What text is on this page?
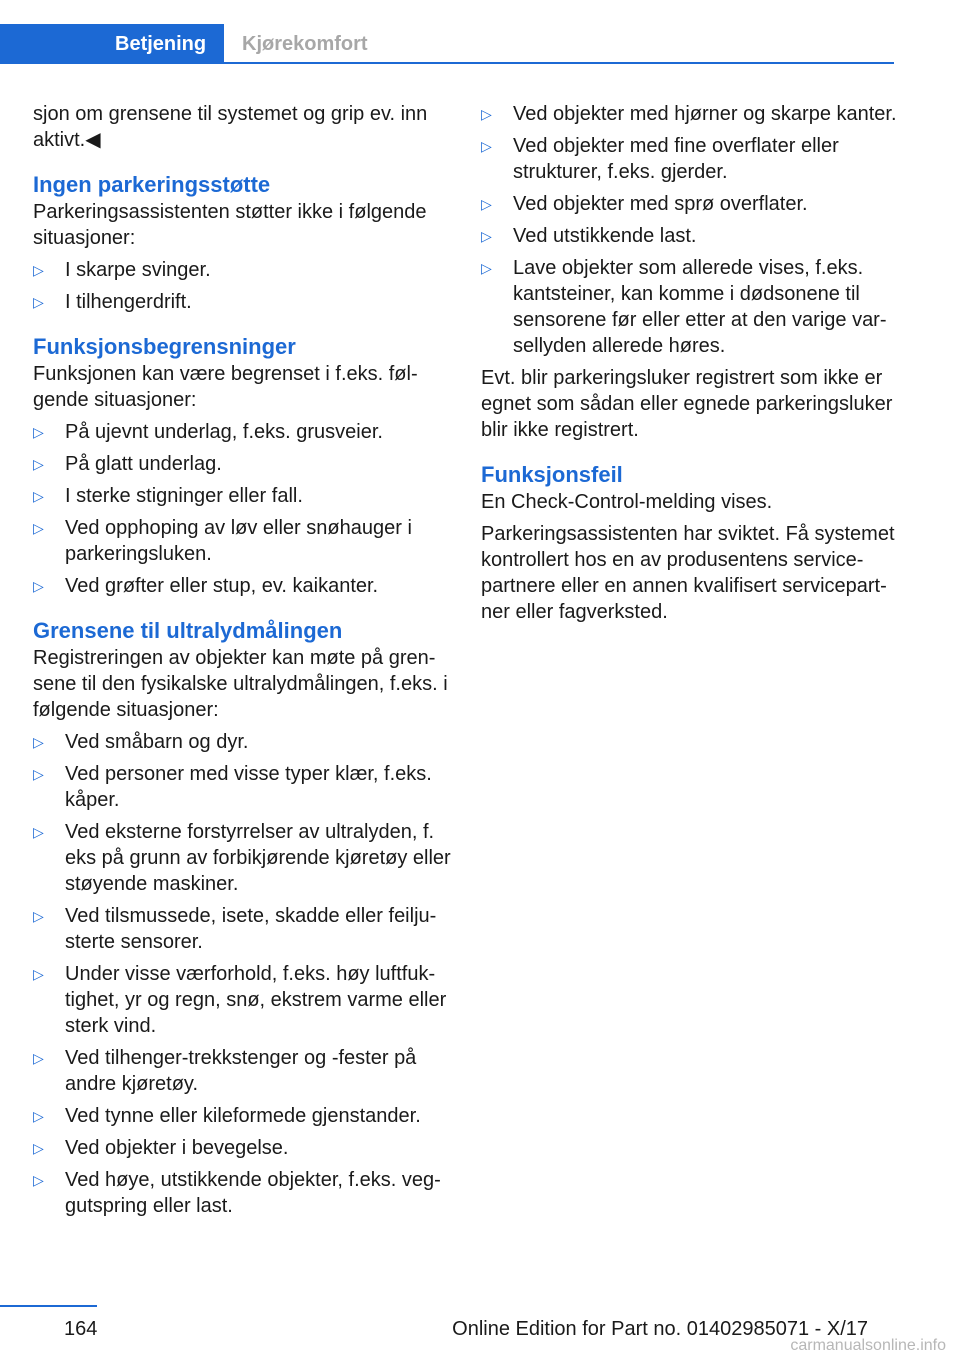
Betjening Kjørekomfort

sjon om grensene til systemet og grip ev. inn aktivt.◀

Ingen parkeringsstøtte

Parkeringsassistenten støtter ikke i følgende situasjoner:

▷ I skarpe svinger.
▷ I tilhengerdrift.
Funksjonsbegrensninger

Funksjonen kan være begrenset i f.eks. følgende situasjoner:

▷ På ujevnt underlag, f.eks. grusveier.
▷ På glatt underlag.
▷ I sterke stigninger eller fall.
▷ Ved opphoping av løv eller snøhauger i parkeringsluken.
▷ Ved grøfter eller stup, ev. kaikanter.
Grensene til ultralydmålingen

Registreringen av objekter kan møte på grensene til den fysikalske ultralydmålingen, f.eks. i følgende situasjoner:

▷ Ved småbarn og dyr.
▷ Ved personer med visse typer klær, f.eks. kåper.
▷ Ved eksterne forstyrrelser av ultralyden, f. eks på grunn av forbikjørende kjøretøy eller støyende maskiner.
▷ Ved tilsmussede, isete, skadde eller feiljusterte sensorer.
▷ Under visse værforhold, f.eks. høy luftfuktighet, yr og regn, snø, ekstrem varme eller sterk vind.
▷ Ved tilhenger-trekkstenger og -fester på andre kjøretøy.
▷ Ved tynne eller kileformede gjenstander.
▷ Ved objekter i bevegelse.
▷ Ved høye, utstikkende objekter, f.eks. veggutspring eller last.
▷ Ved objekter med hjørner og skarpe kanter.
▷ Ved objekter med fine overflater eller strukturer, f.eks. gjerder.
▷ Ved objekter med sprø overflater.
▷ Ved utstikkende last.
▷ Lave objekter som allerede vises, f.eks. kantsteiner, kan komme i dødsonene til sensorene før eller etter at den varige varsellyden allerede høres.

Evt. blir parkeringsluker registrert som ikke er egnet som sådan eller egnede parkeringsluker blir ikke registrert.

Funksjonsfeil

En Check-Control-melding vises.

Parkeringsassistenten har sviktet. Få systemet kontrollert hos en av produsentens servicepartnere eller en annen kvalifisert servicepartner eller fagverksted.

164	Online Edition for Part no. 01402985071 - X/17
carmanualsonline.info
